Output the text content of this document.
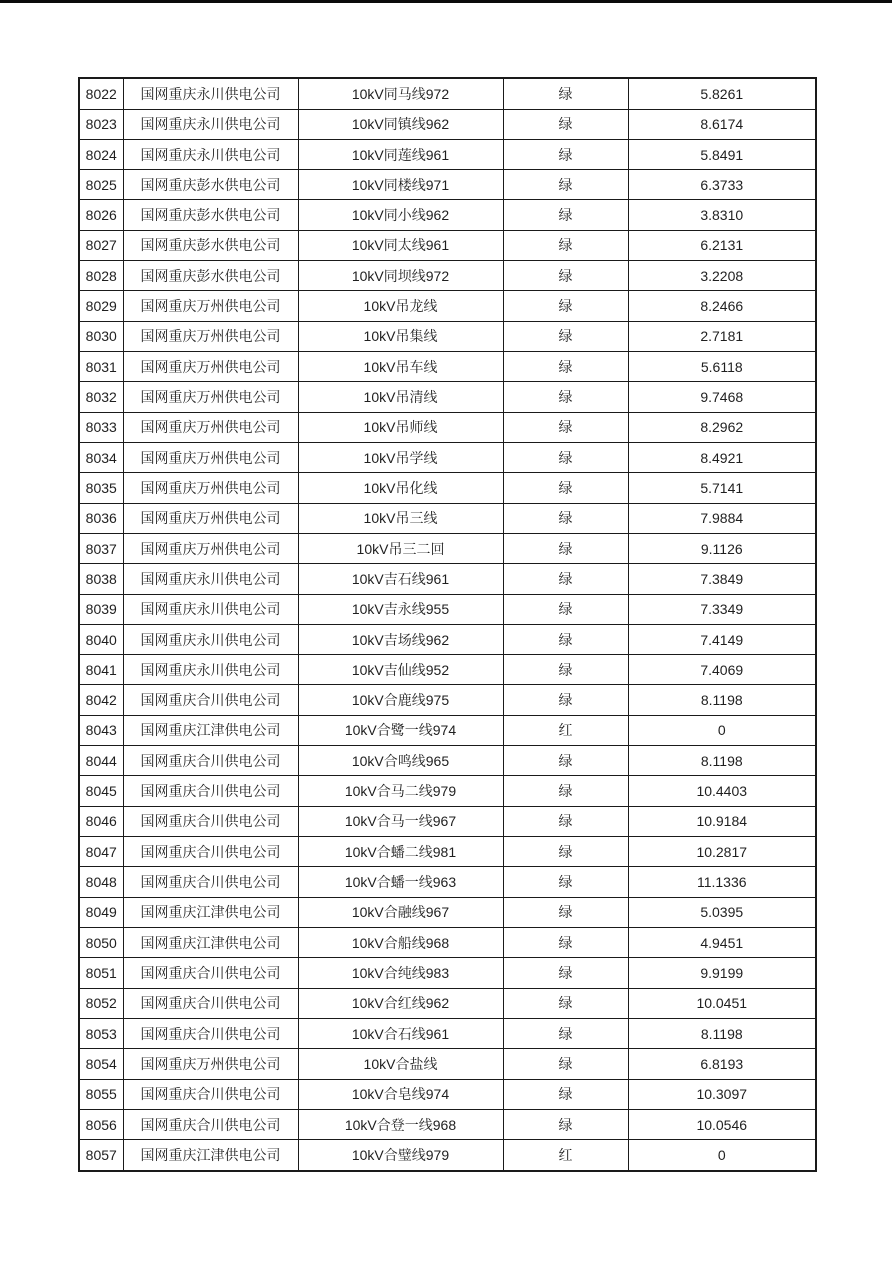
8022	国网重庆永川供电公司	10kV同马线972	绿	5.8261
8023	国网重庆永川供电公司	10kV同镇线962	绿	8.6174
8024	国网重庆永川供电公司	10kV同莲线961	绿	5.8491
8025	国网重庆彭水供电公司	10kV同楼线971	绿	6.3733
8026	国网重庆彭水供电公司	10kV同小线962	绿	3.8310
8027	国网重庆彭水供电公司	10kV同太线961	绿	6.2131
8028	国网重庆彭水供电公司	10kV同坝线972	绿	3.2208
8029	国网重庆万州供电公司	10kV吊龙线	绿	8.2466
8030	国网重庆万州供电公司	10kV吊集线	绿	2.7181
8031	国网重庆万州供电公司	10kV吊车线	绿	5.6118
8032	国网重庆万州供电公司	10kV吊清线	绿	9.7468
8033	国网重庆万州供电公司	10kV吊师线	绿	8.2962
8034	国网重庆万州供电公司	10kV吊学线	绿	8.4921
8035	国网重庆万州供电公司	10kV吊化线	绿	5.7141
8036	国网重庆万州供电公司	10kV吊三线	绿	7.9884
8037	国网重庆万州供电公司	10kV吊三二回	绿	9.1126
8038	国网重庆永川供电公司	10kV吉石线961	绿	7.3849
8039	国网重庆永川供电公司	10kV吉永线955	绿	7.3349
8040	国网重庆永川供电公司	10kV吉场线962	绿	7.4149
8041	国网重庆永川供电公司	10kV吉仙线952	绿	7.4069
8042	国网重庆合川供电公司	10kV合鹿线975	绿	8.1198
8043	国网重庆江津供电公司	10kV合鹭一线974	红	0
8044	国网重庆合川供电公司	10kV合鸣线965	绿	8.1198
8045	国网重庆合川供电公司	10kV合马二线979	绿	10.4403
8046	国网重庆合川供电公司	10kV合马一线967	绿	10.9184
8047	国网重庆合川供电公司	10kV合蟠二线981	绿	10.2817
8048	国网重庆合川供电公司	10kV合蟠一线963	绿	11.1336
8049	国网重庆江津供电公司	10kV合融线967	绿	5.0395
8050	国网重庆江津供电公司	10kV合船线968	绿	4.9451
8051	国网重庆合川供电公司	10kV合纯线983	绿	9.9199
8052	国网重庆合川供电公司	10kV合红线962	绿	10.0451
8053	国网重庆合川供电公司	10kV合石线961	绿	8.1198
8054	国网重庆万州供电公司	10kV合盐线	绿	6.8193
8055	国网重庆合川供电公司	10kV合皂线974	绿	10.3097
8056	国网重庆合川供电公司	10kV合登一线968	绿	10.0546
8057	国网重庆江津供电公司	10kV合璧线979	红	0
